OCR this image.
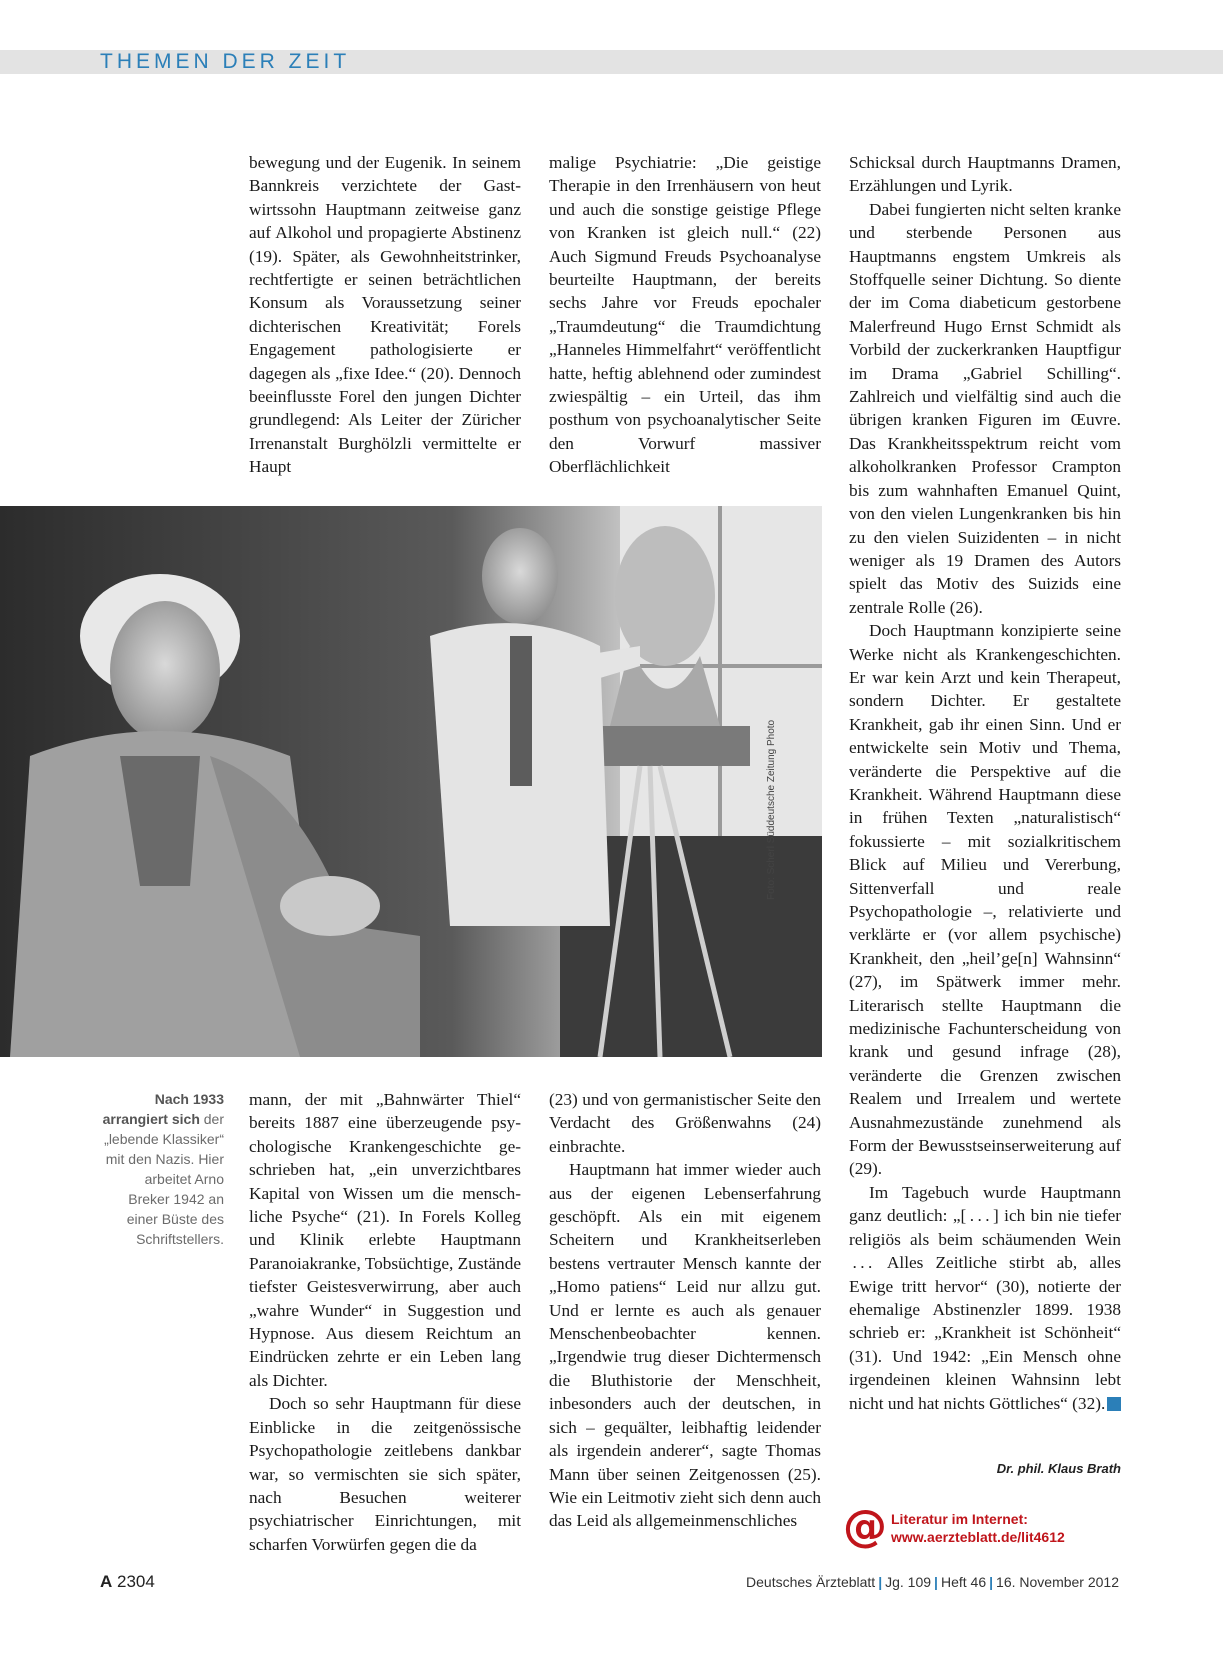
THEMEN DER ZEIT

bewegung und der Eugenik. In seinem Bannkreis verzichtete der Gastwirtssohn Hauptmann zeitweise ganz auf Alkohol und propagierte Abstinenz (19). Später, als Gewohnheitstrinker, rechtfertigte er seinen beträchtlichen Konsum als Voraussetzung seiner dichterischen Kreativität; Forels Engagement pathologisierte er dagegen als „fixe Idee.“ (20). Dennoch beeinflusste Forel den jungen Dichter grundlegend: Als Leiter der Züricher Irrenanstalt Burghölzli vermittelte er Haupt

malige Psychiatrie: „Die geistige Therapie in den Irrenhäusern von heut und auch die sonstige geistige Pflege von Kranken ist gleich null.“ (22) Auch Sigmund Freuds Psychoanalyse beurteilte Hauptmann, der bereits sechs Jahre vor Freuds epochaler „Traumdeutung“ die Traumdichtung „Hanneles Himmelfahrt“ veröffentlicht hatte, heftig ablehnend oder zumindest zwiespältig – ein Urteil, das ihm posthum von psychoanalytischer Seite den Vorwurf massiver Oberflächlichkeit

Schicksal durch Hauptmanns Dramen, Erzählungen und Lyrik.

Dabei fungierten nicht selten kranke und sterbende Personen aus Hauptmanns engstem Umkreis als Stoffquelle seiner Dichtung. So diente der im Coma diabeticum gestorbene Malerfreund Hugo Ernst Schmidt als Vorbild der zuckerkranken Hauptfigur im Drama „Gabriel Schilling“. Zahlreich und vielfältig sind auch die übrigen kranken Figuren im Œuvre. Das Krankheitsspektrum reicht vom alkoholkranken Professor Crampton bis zum wahnhaften Emanuel Quint, von den vielen Lungenkranken bis hin zu den vielen Suizidenten – in nicht weniger als 19 Dramen des Autors spielt das Motiv des Suizids eine zentrale Rolle (26).

Doch Hauptmann konzipierte seine Werke nicht als Krankengeschichten. Er war kein Arzt und kein Therapeut, sondern Dichter. Er gestaltete Krankheit, gab ihr einen Sinn. Und er entwickelte sein Motiv und Thema, veränderte die Perspektive auf die Krankheit. Während Hauptmann diese in frühen Texten „naturalistisch“ fokussierte – mit sozialkritischem Blick auf Milieu und Vererbung, Sittenverfall und reale Psychopathologie –, relativierte und verklärte er (vor allem psychische) Krankheit, den „heil’ge[n] Wahnsinn“ (27), im Spätwerk immer mehr. Literarisch stellte Hauptmann die medizinische Fachunterscheidung von krank und gesund infrage (28), veränderte die Grenzen zwischen Realem und Irrealem und wertete Ausnahmezustände zunehmend als Form der Bewusstseinserweiterung auf (29).

Im Tagebuch wurde Hauptmann ganz deutlich: „[ . . . ] ich bin nie tiefer religiös als beim schäumenden Wein  . . .  Alles Zeitliche stirbt ab, alles Ewige tritt hervor“ (30), notierte der ehemalige Abstinenzler 1899. 1938 schrieb er: „Krankheit ist Schönheit“ (31). Und 1942: „Ein Mensch ohne irgendeinen kleinen Wahnsinn lebt nicht und hat nichts Göttliches“ (32).

Foto: Scherl Süddeutsche Zeitung Photo
Nach 1933 arrangiert sich der „lebende Klassiker“ mit den Nazis. Hier arbeitet Arno Breker 1942 an einer Büste des Schriftstellers.

mann, der mit „Bahnwärter Thiel“ bereits 1887 eine überzeugende psychologische Krankengeschichte geschrieben hat, „ein unverzichtbares Kapital von Wissen um die menschliche Psyche“ (21). In Forels Kolleg und Klinik erlebte Hauptmann Paranoiakranke, Tobsüchtige, Zustände tiefster Geistesverwirrung, aber auch „wahre Wunder“ in Suggestion und Hypnose. Aus diesem Reichtum an Eindrücken zehrte er ein Leben lang als Dichter.

Doch so sehr Hauptmann für diese Einblicke in die zeitgenössische Psychopathologie zeitlebens dankbar war, so vermischten sie sich später, nach Besuchen weiterer psychiatrischer Einrichtungen, mit scharfen Vorwürfen gegen die da

(23) und von germanistischer Seite den Verdacht des Größenwahns (24) einbrachte.

Hauptmann hat immer wieder auch aus der eigenen Lebenserfahrung geschöpft. Als ein mit eigenem Scheitern und Krankheitserleben bestens vertrauter Mensch kannte der „Homo patiens“ Leid nur allzu gut. Und er lernte es auch als genauer Menschenbeobachter kennen. „Irgendwie trug dieser Dichtermensch die Bluthistorie der Menschheit, inbesonders auch der deutschen, in sich – gequälter, leibhaftig leidender als irgendein anderer“, sagte Thomas Mann über seinen Zeitgenossen (25). Wie ein Leitmotiv zieht sich denn auch das Leid als allgemeinmenschliches

Dr. phil. Klaus Brath
@ Literatur im Internet:
www.aerzteblatt.de/lit4612
A 2304	Deutsches Ärzteblatt | Jg. 109 | Heft 46 | 16. November 2012
